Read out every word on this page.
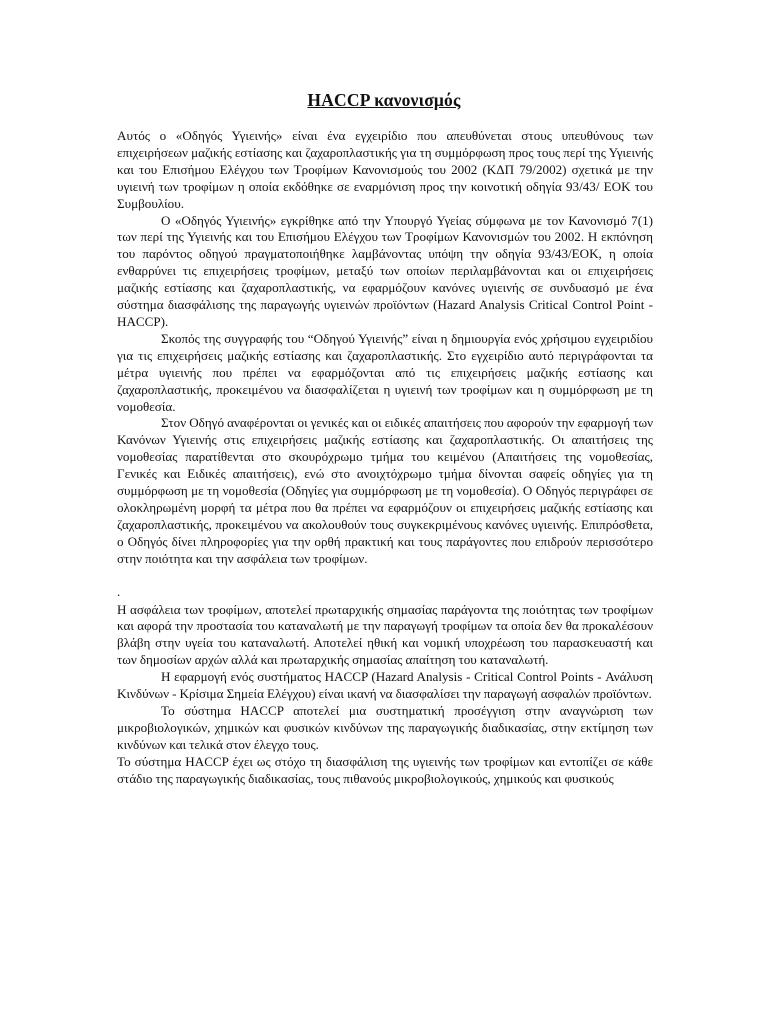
HACCP κανονισμός

Αυτός ο «Οδηγός Υγιεινής» είναι ένα εγχειρίδιο που απευθύνεται στους υπευθύνους των επιχειρήσεων μαζικής εστίασης και ζαχαροπλαστικής για τη συμμόρφωση προς τους περί της Υγιεινής και του Επισήμου Ελέγχου των Τροφίμων Κανονισμούς του 2002 (ΚΔΠ 79/2002) σχετικά με την υγιεινή των τροφίμων η οποία εκδόθηκε σε εναρμόνιση προς την κοινοτική οδηγία 93/43/ ΕΟΚ του Συμβουλίου.

Ο «Οδηγός Υγιεινής» εγκρίθηκε από την Υπουργό Υγείας σύμφωνα με τον Κανονισμό 7(1) των περί της Υγιεινής και του Επισήμου Ελέγχου των Τροφίμων Κανονισμών του 2002. Η εκπόνηση του παρόντος οδηγού πραγματοποιήθηκε λαμβάνοντας υπόψη την οδηγία 93/43/ΕΟΚ, η οποία ενθαρρύνει τις επιχειρήσεις τροφίμων, μεταξύ των οποίων περιλαμβάνονται και οι επιχειρήσεις μαζικής εστίασης και ζαχαροπλαστικής, να εφαρμόζουν κανόνες υγιεινής σε συνδυασμό με ένα σύστημα διασφάλισης της παραγωγής υγιεινών προϊόντων (Hazard Analysis Critical Control Point - HACCP).

Σκοπός της συγγραφής του “Οδηγού Υγιεινής” είναι η δημιουργία ενός χρήσιμου εγχειριδίου για τις επιχειρήσεις μαζικής εστίασης και ζαχαροπλαστικής. Στο εγχειρίδιο αυτό περιγράφονται τα μέτρα υγιεινής που πρέπει να εφαρμόζονται από τις επιχειρήσεις μαζικής εστίασης και ζαχαροπλαστικής, προκειμένου να διασφαλίζεται η υγιεινή των τροφίμων και η συμμόρφωση με τη νομοθεσία.

Στον Οδηγό αναφέρονται οι γενικές και οι ειδικές απαιτήσεις που αφορούν την εφαρμογή των Κανόνων Υγιεινής στις επιχειρήσεις μαζικής εστίασης και ζαχαροπλαστικής. Οι απαιτήσεις της νομοθεσίας παρατίθενται στο σκουρόχρωμο τμήμα του κειμένου (Απαιτήσεις της νομοθεσίας, Γενικές και Ειδικές απαιτήσεις), ενώ στο ανοιχτόχρωμο τμήμα δίνονται σαφείς οδηγίες για τη συμμόρφωση με τη νομοθεσία (Οδηγίες για συμμόρφωση με τη νομοθεσία). Ο Οδηγός περιγράφει σε ολοκληρωμένη μορφή τα μέτρα που θα πρέπει να εφαρμόζουν οι επιχειρήσεις μαζικής εστίασης και ζαχαροπλαστικής, προκειμένου να ακολουθούν τους συγκεκριμένους κανόνες υγιεινής. Επιπρόσθετα, ο Οδηγός δίνει πληροφορίες για την ορθή πρακτική και τους παράγοντες που επιδρούν περισσότερο στην ποιότητα και την ασφάλεια των τροφίμων.

.

Η ασφάλεια των τροφίμων, αποτελεί πρωταρχικής σημασίας παράγοντα της ποιότητας των τροφίμων και αφορά την προστασία του καταναλωτή με την παραγωγή τροφίμων τα οποία δεν θα προκαλέσουν βλάβη στην υγεία του καταναλωτή. Αποτελεί ηθική και νομική υποχρέωση του παρασκευαστή και των δημοσίων αρχών αλλά και πρωταρχικής σημασίας απαίτηση του καταναλωτή.

Η εφαρμογή ενός συστήματος HACCP (Hazard Analysis - Critical Control Points - Ανάλυση Κινδύνων - Κρίσιμα Σημεία Ελέγχου) είναι ικανή να διασφαλίσει την παραγωγή ασφαλών προϊόντων.

Το σύστημα HACCP αποτελεί μια συστηματική προσέγγιση στην αναγνώριση των μικροβιολογικών, χημικών και φυσικών κινδύνων της παραγωγικής διαδικασίας, στην εκτίμηση των κινδύνων και τελικά στον έλεγχο τους.

Το σύστημα HACCP έχει ως στόχο τη διασφάλιση της υγιεινής των τροφίμων και εντοπίζει σε κάθε στάδιο της παραγωγικής διαδικασίας, τους πιθανούς μικροβιολογικούς, χημικούς και φυσικούς
